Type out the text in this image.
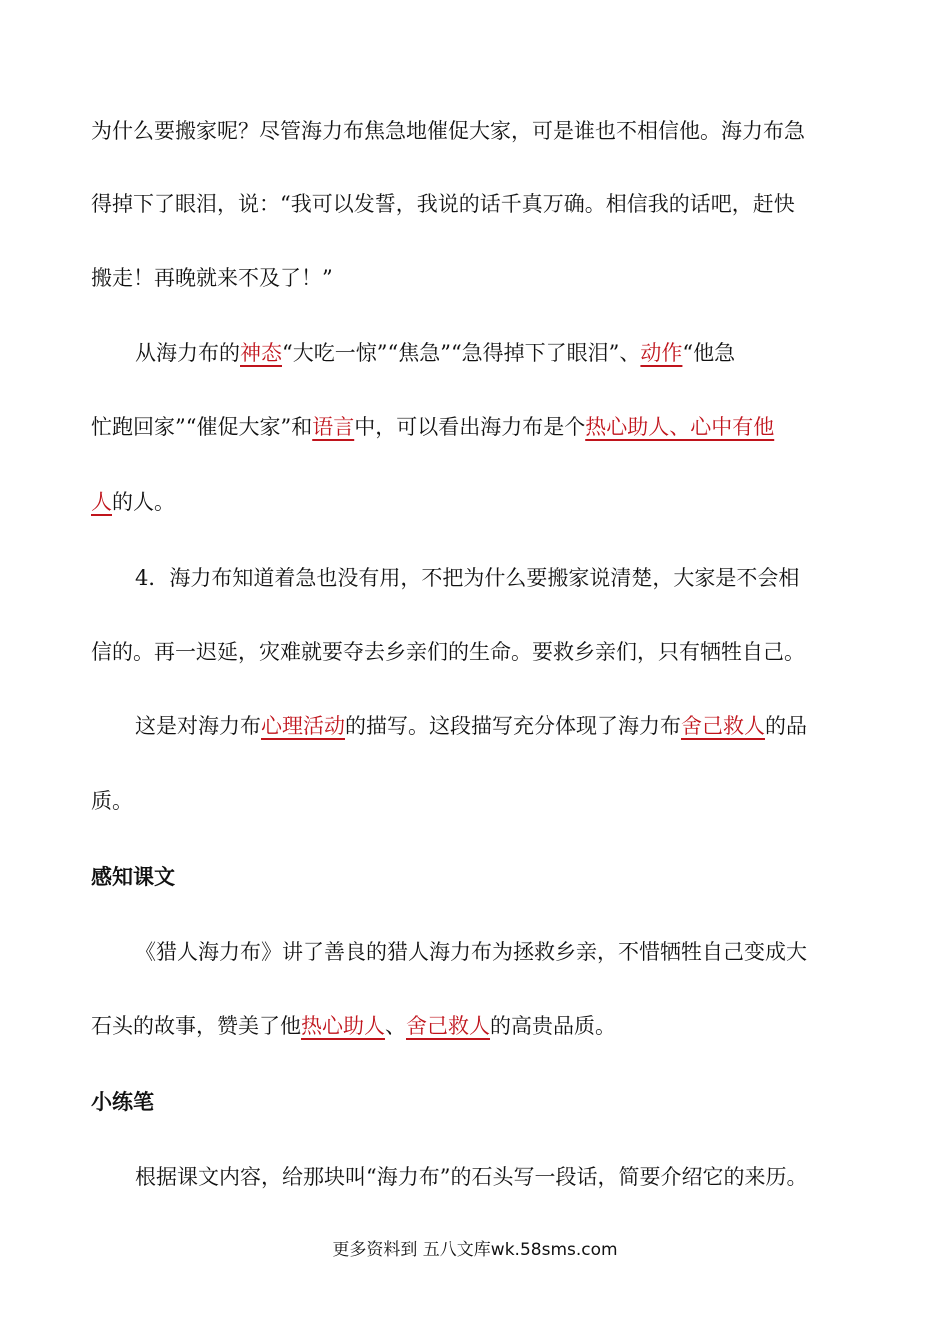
为什么要搬家呢？尽管海力布焦急地催促大家，可是谁也不相信他。海力布急
得掉下了眼泪，说：“我可以发誓，我说的话千真万确。相信我的话吧，赶快
搬走！再晚就来不及了！”
从海力布的神态“大吃一惊”“焦急”“急得掉下了眼泪”、动作“他急
忙跑回家”“催促大家”和语言中，可以看出海力布是个热心助人、心中有他
人的人。
4．海力布知道着急也没有用，不把为什么要搬家说清楚，大家是不会相
信的。再一迟延，灾难就要夺去乡亲们的生命。要救乡亲们，只有牺牲自己。
这是对海力布心理活动的描写。这段描写充分体现了海力布舍己救人的品
质。
感知课文
《猎人海力布》讲了善良的猎人海力布为拯救乡亲，不惜牺牲自己变成大
石头的故事，赞美了他热心助人、舍己救人的高贵品质。
小练笔
根据课文内容，给那块叫“海力布”的石头写一段话，简要介绍它的来历。
更多资料到 五八文库wk.58sms.com
